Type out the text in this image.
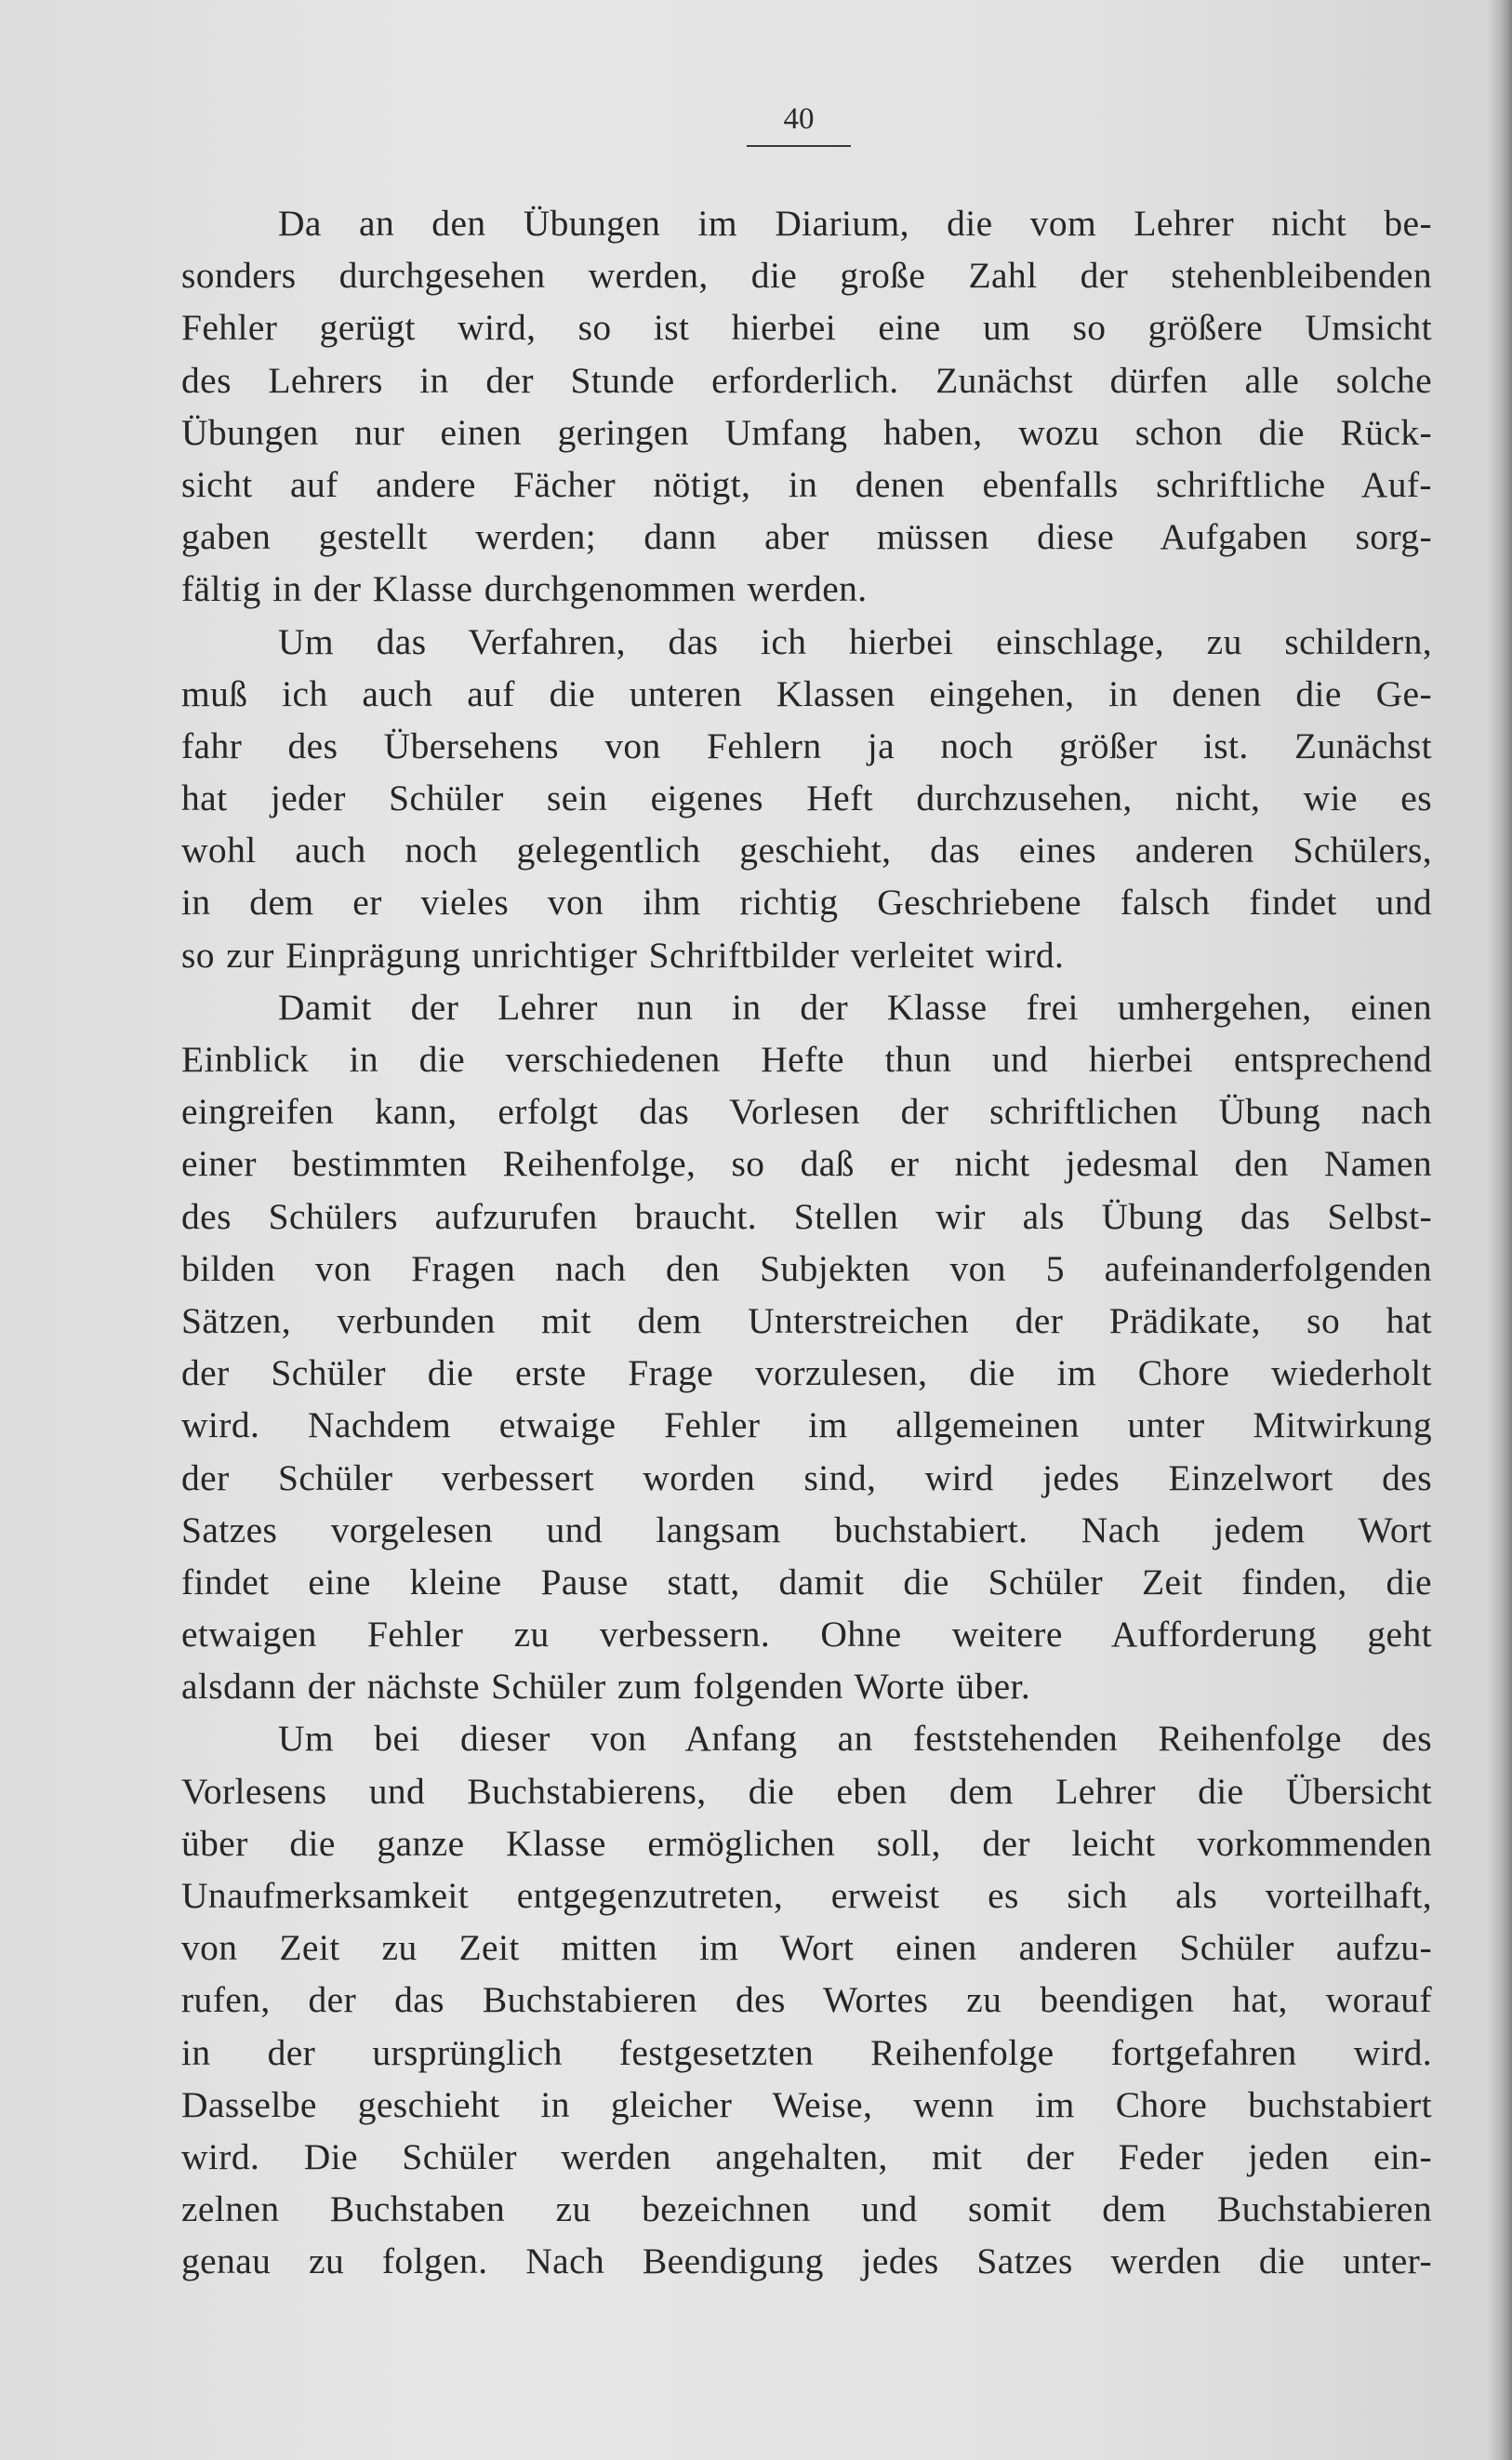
40
Da an den Übungen im Diarium, die vom Lehrer nicht be-
sonders durchgesehen werden, die große Zahl der stehenbleibenden
Fehler gerügt wird, so ist hierbei eine um so größere Umsicht
des Lehrers in der Stunde erforderlich. Zunächst dürfen alle solche
Übungen nur einen geringen Umfang haben, wozu schon die Rück-
sicht auf andere Fächer nötigt, in denen ebenfalls schriftliche Auf-
gaben gestellt werden; dann aber müssen diese Aufgaben sorg-
fältig in der Klasse durchgenommen werden.
Um das Verfahren, das ich hierbei einschlage, zu schildern,
muß ich auch auf die unteren Klassen eingehen, in denen die Ge-
fahr des Übersehens von Fehlern ja noch größer ist. Zunächst
hat jeder Schüler sein eigenes Heft durchzusehen, nicht, wie es
wohl auch noch gelegentlich geschieht, das eines anderen Schülers,
in dem er vieles von ihm richtig Geschriebene falsch findet und
so zur Einprägung unrichtiger Schriftbilder verleitet wird.
Damit der Lehrer nun in der Klasse frei umhergehen, einen
Einblick in die verschiedenen Hefte thun und hierbei entsprechend
eingreifen kann, erfolgt das Vorlesen der schriftlichen Übung nach
einer bestimmten Reihenfolge, so daß er nicht jedesmal den Namen
des Schülers aufzurufen braucht. Stellen wir als Übung das Selbst-
bilden von Fragen nach den Subjekten von 5 aufeinanderfolgenden
Sätzen, verbunden mit dem Unterstreichen der Prädikate, so hat
der Schüler die erste Frage vorzulesen, die im Chore wiederholt
wird. Nachdem etwaige Fehler im allgemeinen unter Mitwirkung
der Schüler verbessert worden sind, wird jedes Einzelwort des
Satzes vorgelesen und langsam buchstabiert. Nach jedem Wort
findet eine kleine Pause statt, damit die Schüler Zeit finden, die
etwaigen Fehler zu verbessern. Ohne weitere Aufforderung geht
alsdann der nächste Schüler zum folgenden Worte über.
Um bei dieser von Anfang an feststehenden Reihenfolge des
Vorlesens und Buchstabierens, die eben dem Lehrer die Übersicht
über die ganze Klasse ermöglichen soll, der leicht vorkommenden
Unaufmerksamkeit entgegenzutreten, erweist es sich als vorteilhaft,
von Zeit zu Zeit mitten im Wort einen anderen Schüler aufzu-
rufen, der das Buchstabieren des Wortes zu beendigen hat, worauf
in der ursprünglich festgesetzten Reihenfolge fortgefahren wird.
Dasselbe geschieht in gleicher Weise, wenn im Chore buchstabiert
wird. Die Schüler werden angehalten, mit der Feder jeden ein-
zelnen Buchstaben zu bezeichnen und somit dem Buchstabieren
genau zu folgen. Nach Beendigung jedes Satzes werden die unter-
